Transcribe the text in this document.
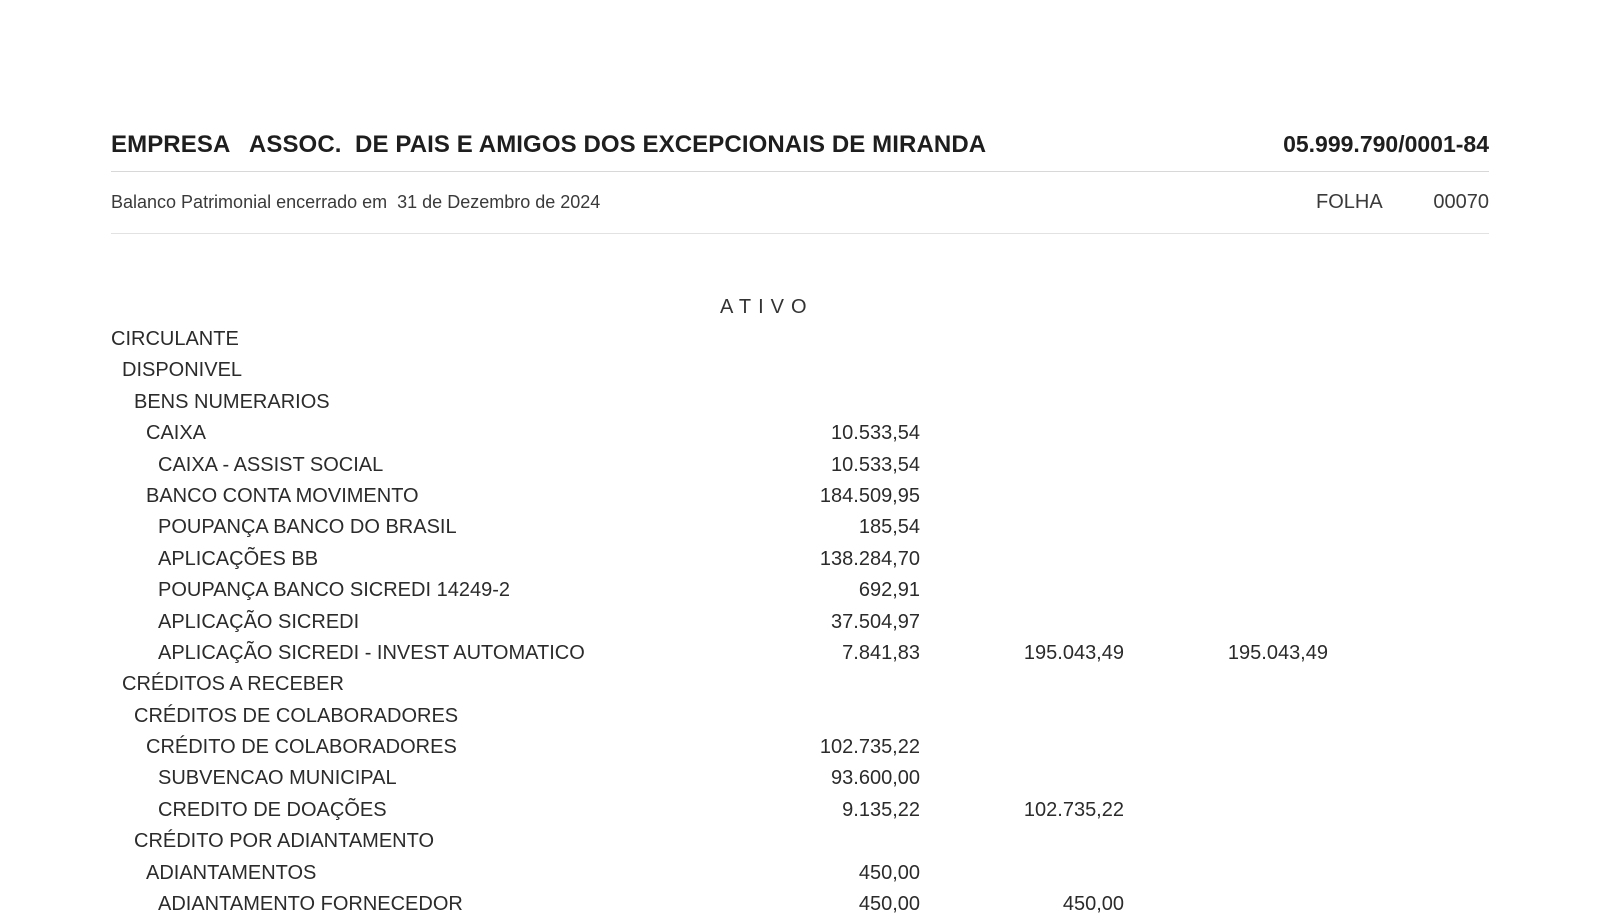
EMPRESA   ASSOC.  DE PAIS E AMIGOS DOS EXCEPCIONAIS DE MIRANDA	05.999.790/0001-84
Balanco Patrimonial encerrado em  31 de Dezembro de 2024	FOLHA	00070
ATIVO
CIRCULANTE
DISPONIVEL
BENS NUMERARIOS
CAIXA	10.533,54
CAIXA - ASSIST SOCIAL	10.533,54
BANCO CONTA MOVIMENTO	184.509,95
POUPANÇA BANCO DO BRASIL	185,54
APLICAÇÕES BB	138.284,70
POUPANÇA BANCO SICREDI 14249-2	692,91
APLICAÇÃO SICREDI	37.504,97
APLICAÇÃO SICREDI - INVEST AUTOMATICO	7.841,83	195.043,49	195.043,49
CRÉDITOS A RECEBER
CRÉDITOS DE COLABORADORES
CRÉDITO DE COLABORADORES	102.735,22
SUBVENCAO MUNICIPAL	93.600,00
CREDITO DE DOAÇÕES	9.135,22	102.735,22
CRÉDITO POR ADIANTAMENTO
ADIANTAMENTOS	450,00
ADIANTAMENTO FORNECEDOR	450,00	450,00
